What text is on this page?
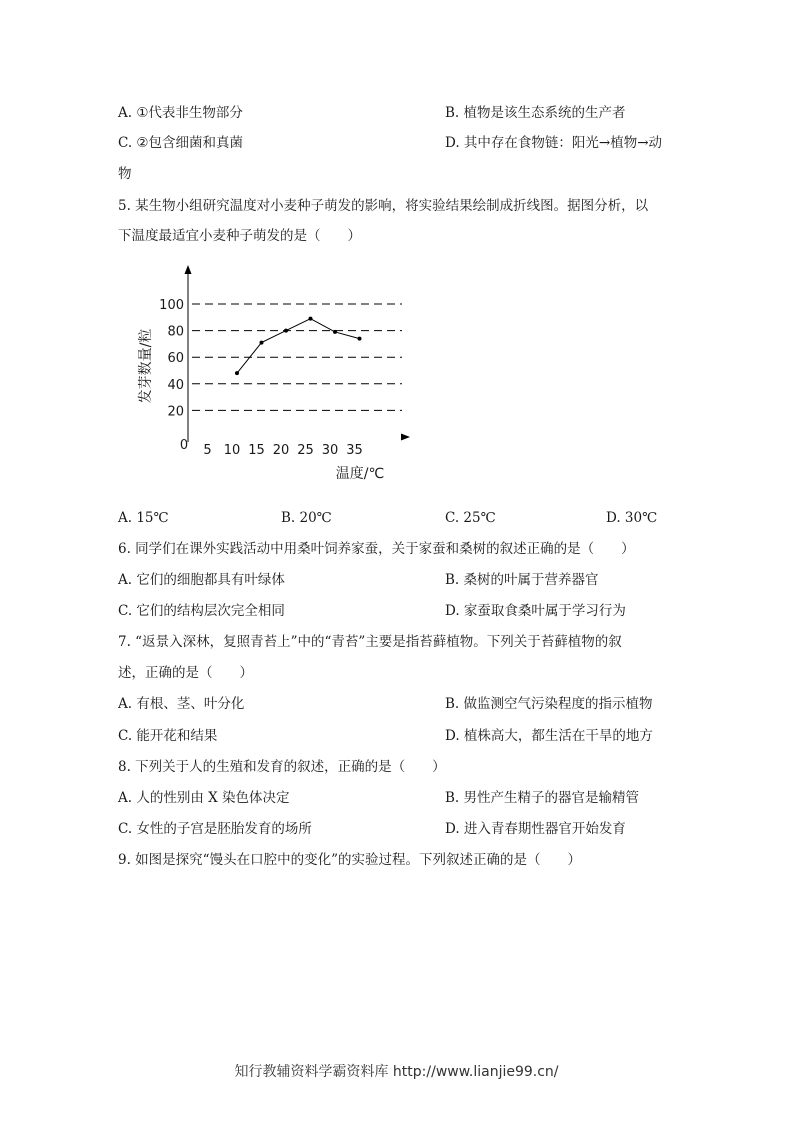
A. ①代表非生物部分	B. 植物是该生态系统的生产者
C. ②包含细菌和真菌	D. 其中存在食物链：阳光→植物→动
物
5. 某生物小组研究温度对小麦种子萌发的影响，将实验结果绘制成折线图。据图分析，以
下温度最适宜小麦种子萌发的是（　　）
20
40
60
80
100
5 10 15 20 25 30 35
0
发芽数量/粒
温度/℃
A. 15℃	B. 20℃	C. 25℃	D. 30℃
6. 同学们在课外实践活动中用桑叶饲养家蚕，关于家蚕和桑树的叙述正确的是（　　）
A. 它们的细胞都具有叶绿体	B. 桑树的叶属于营养器官
C. 它们的结构层次完全相同	D. 家蚕取食桑叶属于学习行为
7. “返景入深林，复照青苔上”中的“青苔”主要是指苔藓植物。下列关于苔藓植物的叙
述，正确的是（　　）
A. 有根、茎、叶分化	B. 做监测空气污染程度的指示植物
C. 能开花和结果	D. 植株高大，都生活在干旱的地方
8. 下列关于人的生殖和发育的叙述，正确的是（　　）
A. 人的性别由 X 染色体决定	B. 男性产生精子的器官是输精管
C. 女性的子宫是胚胎发育的场所	D. 进入青春期性器官开始发育
9. 如图是探究“馒头在口腔中的变化”的实验过程。下列叙述正确的是（　　）
知行教辅资料学霸资料库 http://www.lianjie99.cn/
